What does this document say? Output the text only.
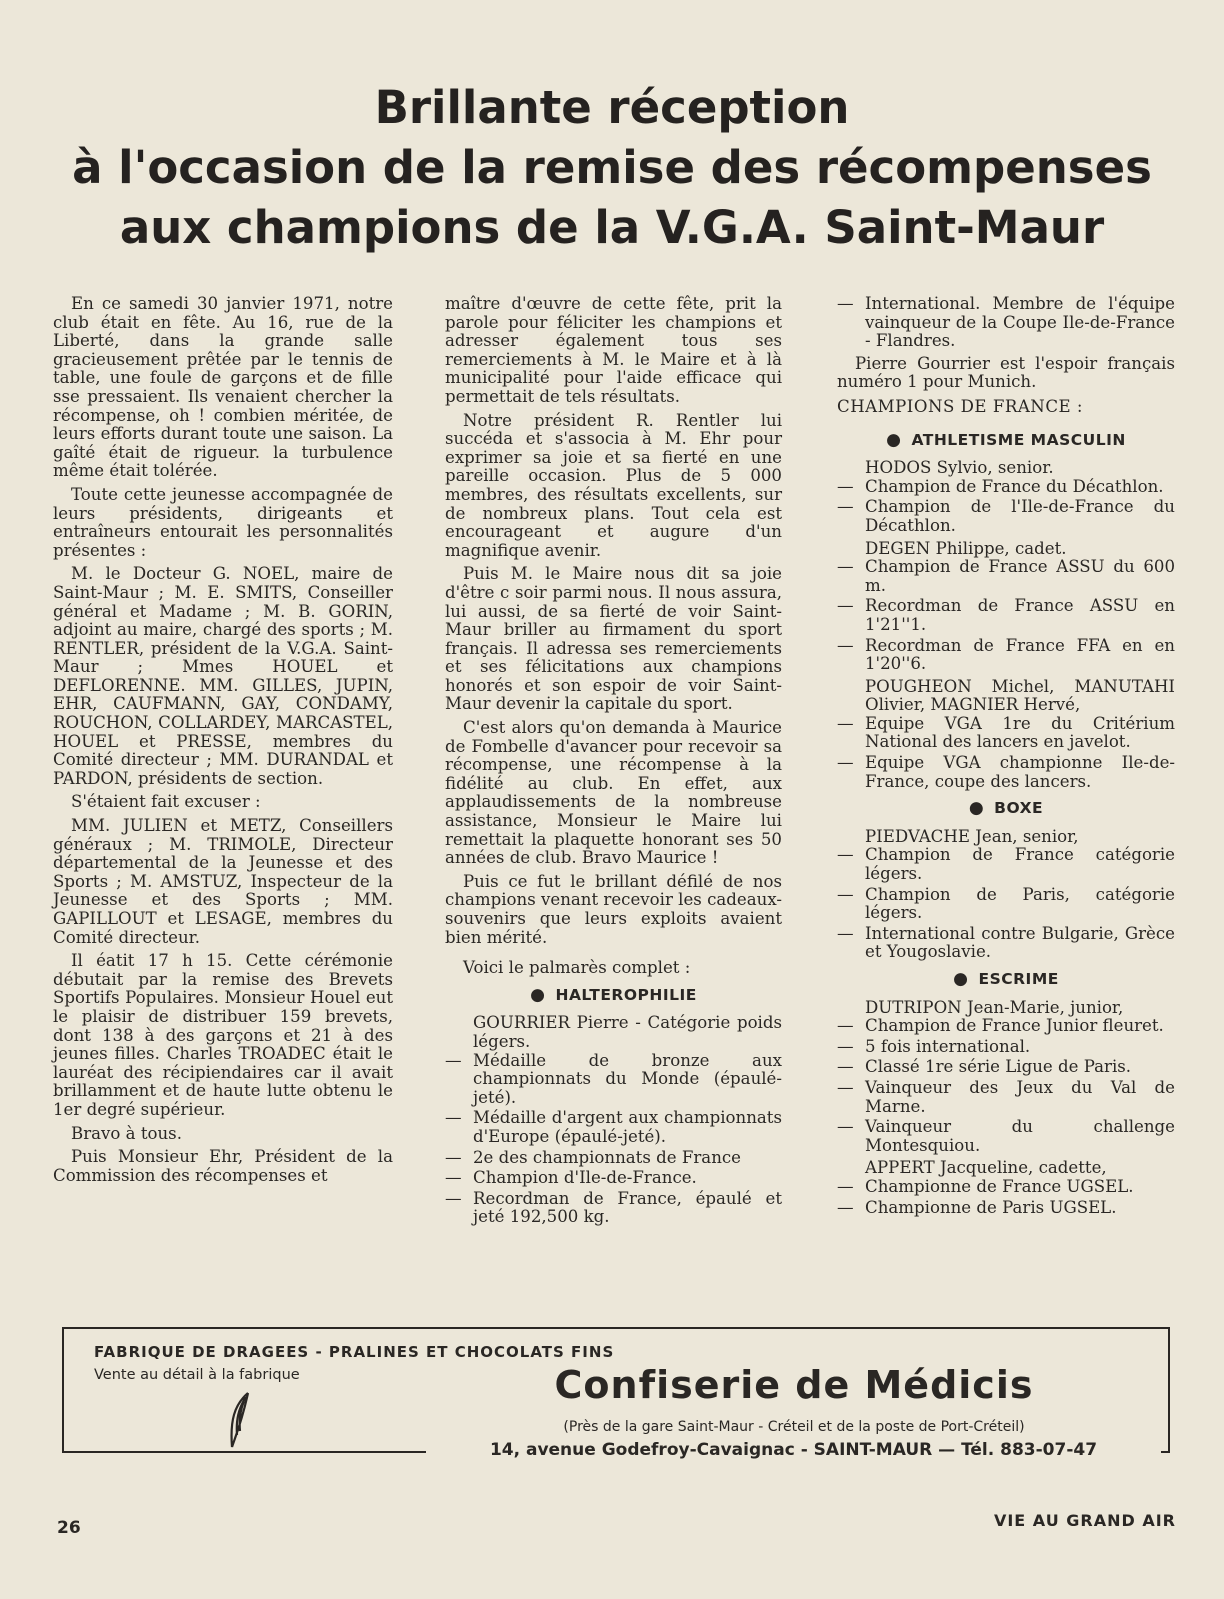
Brillante réception
à l'occasion de la remise des récompenses
aux champions de la V.G.A. Saint-Maur

En ce samedi 30 janvier 1971, notre club était en fête. Au 16, rue de la Liberté, dans la grande salle gracieusement prêtée par le tennis de table, une foule de garçons et de fille sse pressaient. Ils venaient chercher la récompense, oh ! combien méritée, de leurs efforts durant toute une saison. La gaîté était de rigueur. la turbulence même était tolérée.

Toute cette jeunesse accompagnée de leurs présidents, dirigeants et entraîneurs entourait les personnalités présentes :

M. le Docteur G. NOEL, maire de Saint-Maur ; M. E. SMITS, Conseiller général et Madame ; M. B. GORIN, adjoint au maire, chargé des sports ; M. RENTLER, président de la V.G.A. Saint-Maur ; Mmes HOUEL et DEFLORENNE. MM. GILLES, JUPIN, EHR, CAUFMANN, GAY, CONDAMY, ROUCHON, COLLARDEY, MARCASTEL, HOUEL et PRESSE, membres du Comité directeur ; MM. DURANDAL et PARDON, présidents de section.

S'étaient fait excuser :

MM. JULIEN et METZ, Conseillers généraux ; M. TRIMOLE, Directeur départemental de la Jeunesse et des Sports ; M. AMSTUZ, Inspecteur de la Jeunesse et des Sports ; MM. GAPILLOUT et LESAGE, membres du Comité directeur.

Il éatit 17 h 15. Cette cérémonie débutait par la remise des Brevets Sportifs Populaires. Monsieur Houel eut le plaisir de distribuer 159 brevets, dont 138 à des garçons et 21 à des jeunes filles. Charles TROADEC était le lauréat des récipiendaires car il avait brillamment et de haute lutte obtenu le 1er degré supérieur.

Bravo à tous.

Puis Monsieur Ehr, Président de la Commission des récompenses et

maître d'œuvre de cette fête, prit la parole pour féliciter les champions et adresser également tous ses remerciements à M. le Maire et à là municipalité pour l'aide efficace qui permettait de tels résultats.

Notre président R. Rentler lui succéda et s'associa à M. Ehr pour exprimer sa joie et sa fierté en une pareille occasion. Plus de 5 000 membres, des résultats excellents, sur de nombreux plans. Tout cela est encourageant et augure d'un magnifique avenir.

Puis M. le Maire nous dit sa joie d'être c soir parmi nous. Il nous assura, lui aussi, de sa fierté de voir Saint-Maur briller au firmament du sport français. Il adressa ses remerciements et ses félicitations aux champions honorés et son espoir de voir Saint-Maur devenir la capitale du sport.

C'est alors qu'on demanda à Maurice de Fombelle d'avancer pour recevoir sa récompense, une récompense à la fidélité au club. En effet, aux applaudissements de la nombreuse assistance, Monsieur le Maire lui remettait la plaquette honorant ses 50 années de club. Bravo Maurice !

Puis ce fut le brillant défilé de nos champions venant recevoir les cadeaux-souvenirs que leurs exploits avaient bien mérité.

Voici le palmarès complet :

● HALTEROPHILIE

GOURRIER Pierre - Catégorie poids légers.

— Médaille de bronze aux championnats du Monde (épaulé-jeté).
— Médaille d'argent aux championnats d'Europe (épaulé-jeté).
— 2e des championnats de France
— Champion d'Ile-de-France.
— Recordman de France, épaulé et jeté 192,500 kg.
— International. Membre de l'équipe vainqueur de la Coupe Ile-de-France - Flandres.

Pierre Gourrier est l'espoir français numéro 1 pour Munich.

CHAMPIONS DE FRANCE :

● ATHLETISME MASCULIN

HODOS Sylvio, senior.

— Champion de France du Décathlon.
— Champion de l'Ile-de-France du Décathlon.

DEGEN Philippe, cadet.

— Champion de France ASSU du 600 m.
— Recordman de France ASSU en 1'21''1.
— Recordman de France FFA en en 1'20''6.

POUGHEON Michel, MANUTAHI Olivier, MAGNIER Hervé,

— Equipe VGA 1re du Critérium National des lancers en javelot.
— Equipe VGA championne Ile-de-France, coupe des lancers.
● BOXE

PIEDVACHE Jean, senior,

— Champion de France catégorie légers.
— Champion de Paris, catégorie légers.
— International contre Bulgarie, Grèce et Yougoslavie.
● ESCRIME

DUTRIPON Jean-Marie, junior,

— Champion de France Junior fleuret.
— 5 fois international.
— Classé 1re série Ligue de Paris.
— Vainqueur des Jeux du Val de Marne.
— Vainqueur du challenge Montesquiou.

APPERT Jacqueline, cadette,

— Championne de France UGSEL.
— Championne de Paris UGSEL.
FABRIQUE DE DRAGEES - PRALINES ET CHOCOLATS FINS
Vente au détail à la fabrique	Confiserie de Médicis
(Près de la gare Saint-Maur - Créteil et de la poste de Port-Créteil)
14, avenue Godefroy-Cavaignac - SAINT-MAUR — Tél. 883-07-47
26	VIE AU GRAND AIR
